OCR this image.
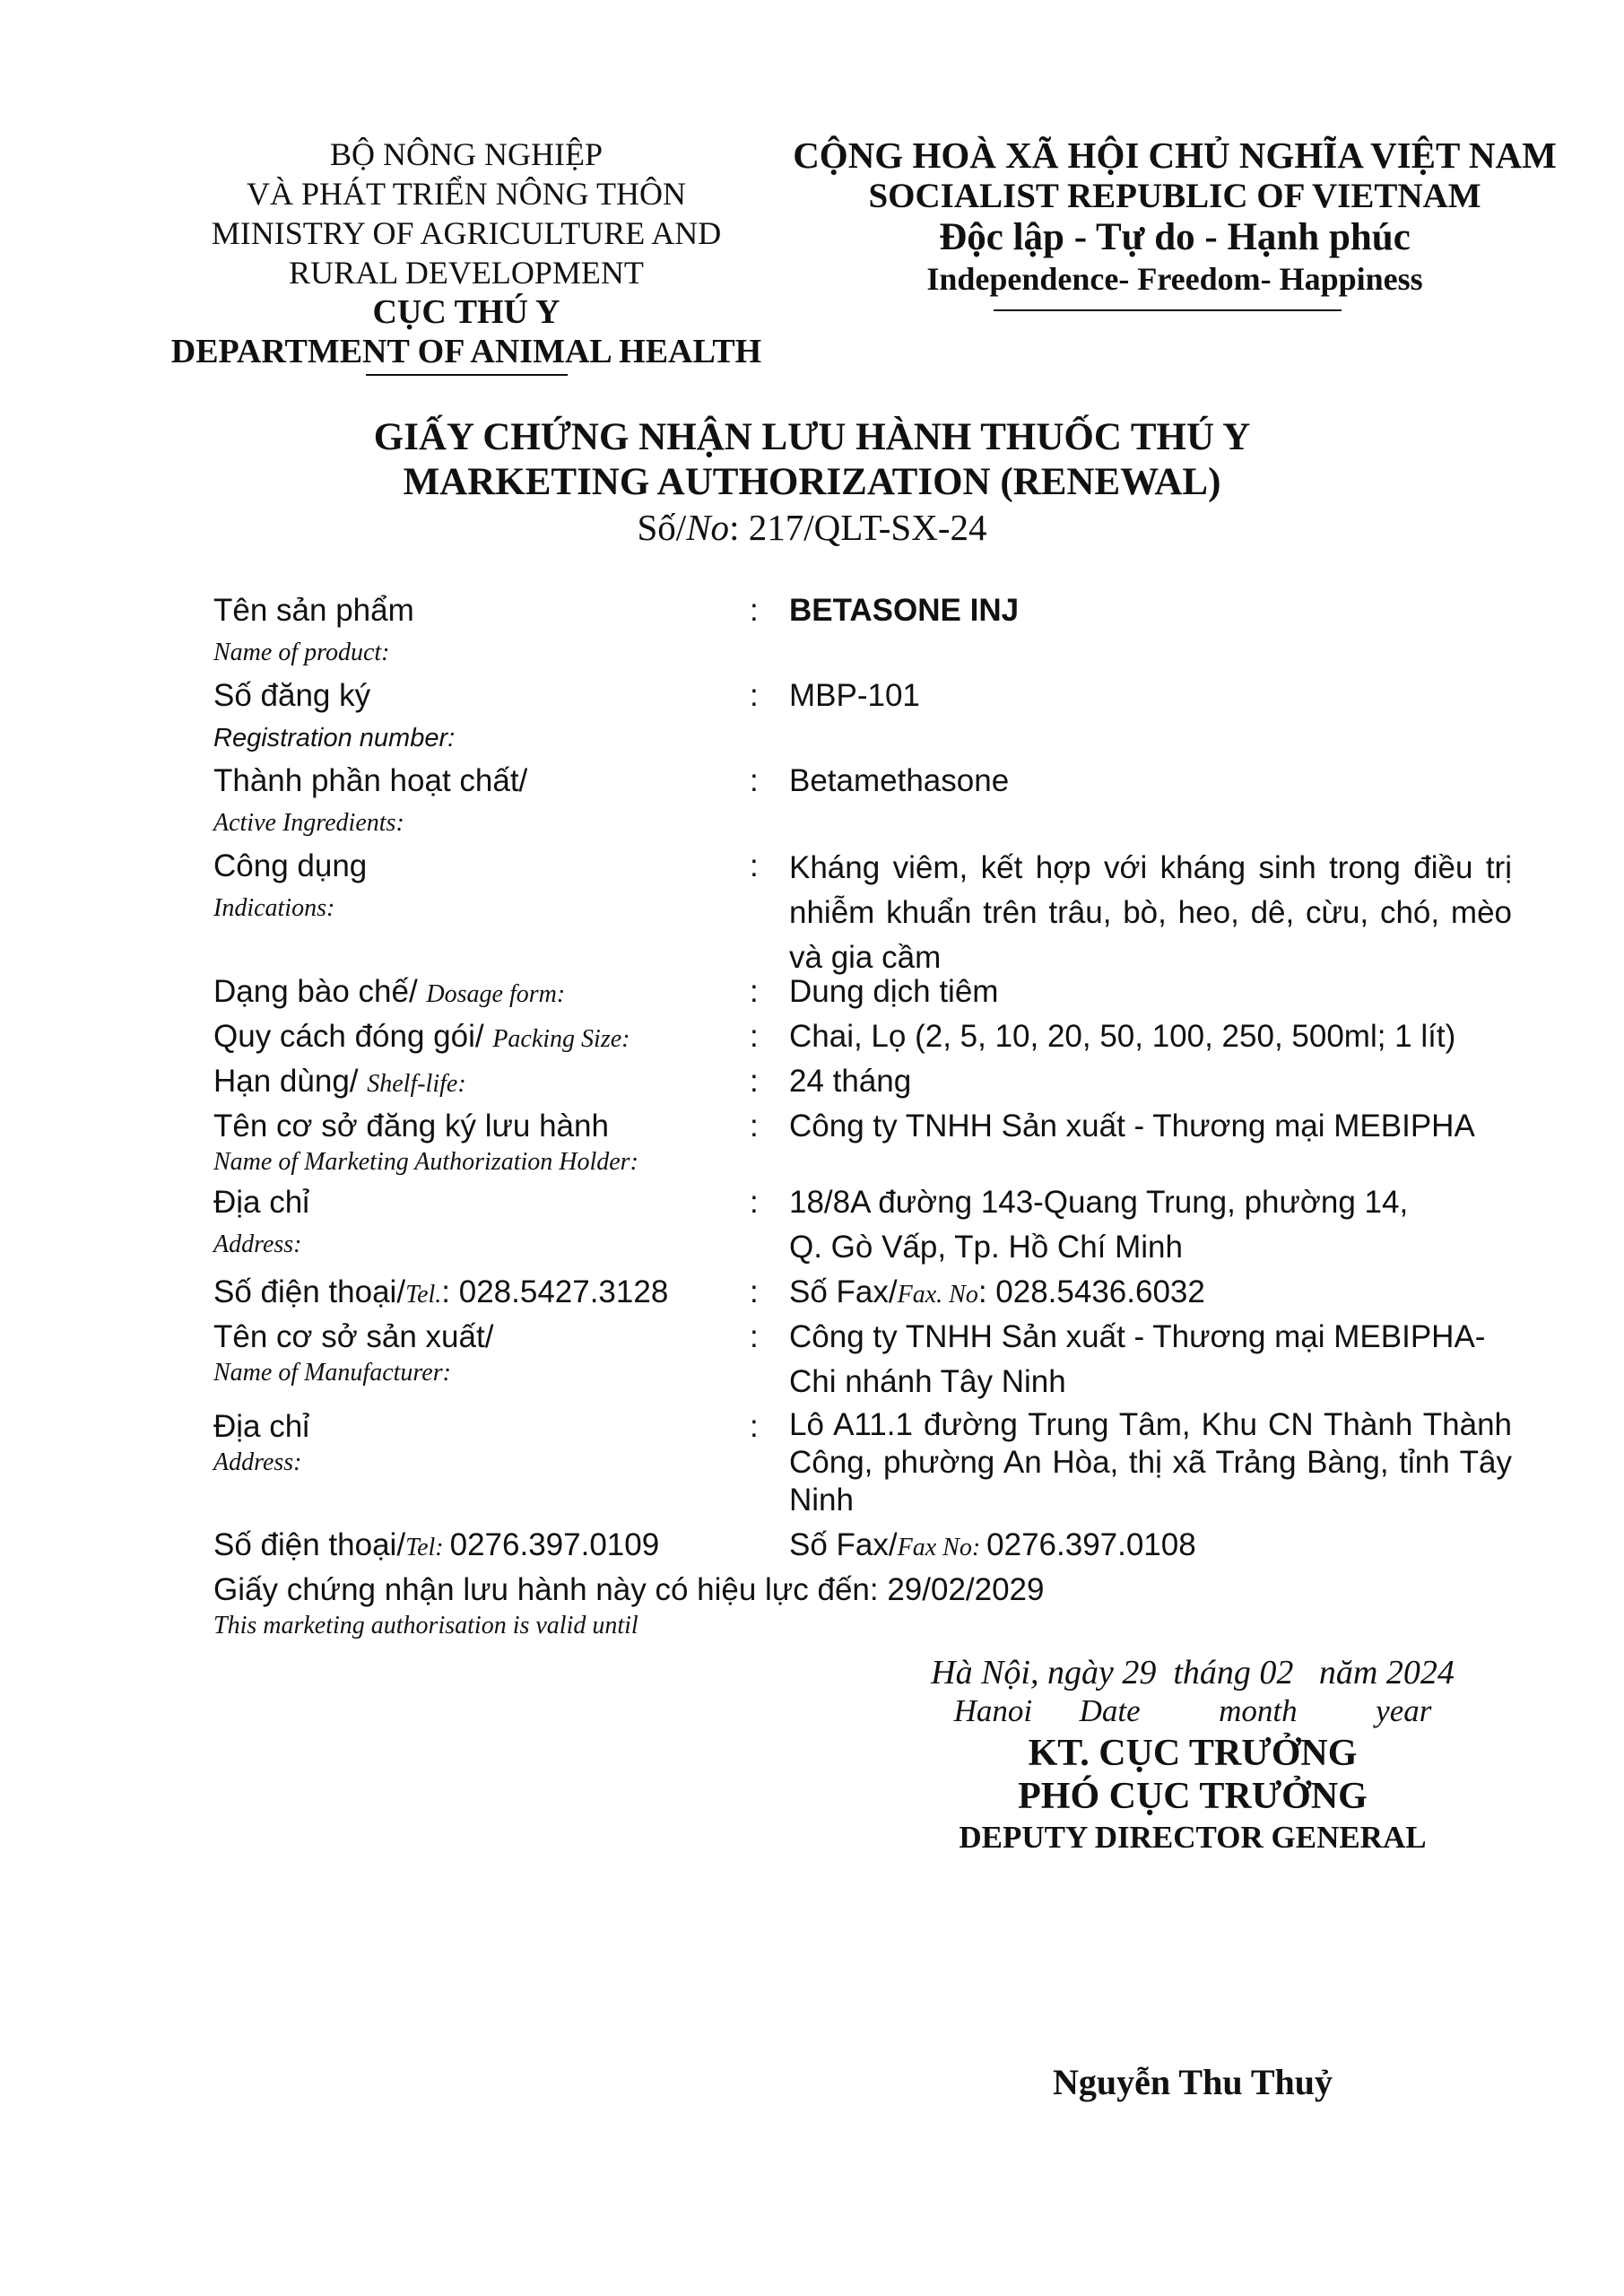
BỘ NÔNG NGHIỆP
VÀ PHÁT TRIỂN NÔNG THÔN
MINISTRY OF AGRICULTURE AND
RURAL DEVELOPMENT
CỤC THÚ Y
DEPARTMENT OF ANIMAL HEALTH
CỘNG HOÀ XÃ HỘI CHỦ NGHĨA VIỆT NAM
SOCIALIST REPUBLIC OF VIETNAM
Độc lập - Tự do - Hạnh phúc
Independence- Freedom- Happiness
GIẤY CHỨNG NHẬN LƯU HÀNH THUỐC THÚ Y
MARKETING AUTHORIZATION (RENEWAL)
Số/No: 217/QLT-SX-24
Tên sản phẩm
Name of product:
: BETASONE INJ
Số đăng ký
Registration number:
: MBP-101
Thành phần hoạt chất/
Active Ingredients:
: Betamethasone
Công dụng
Indications:
: Kháng viêm, kết hợp với kháng sinh trong điều trị nhiễm khuẩn trên trâu, bò, heo, dê, cừu, chó, mèo và gia cầm
Dạng bào chế/ Dosage form:	: Dung dịch tiêm
Quy cách đóng gói/ Packing Size:	: Chai, Lọ (2, 5, 10, 20, 50, 100, 250, 500ml; 1 lít)
Hạn dùng/ Shelf-life:	: 24 tháng
Tên cơ sở đăng ký lưu hành
Name of Marketing Authorization Holder:
: Công ty TNHH Sản xuất - Thương mại MEBIPHA
Địa chỉ
Address:
: 18/8A đường 143-Quang Trung, phường 14,
Q. Gò Vấp, Tp. Hồ Chí Minh
Số điện thoại/Tel.: 028.5427.3128	: Số Fax/Fax. No: 028.5436.6032
Tên cơ sở sản xuất/
Name of Manufacturer:
: Công ty TNHH Sản xuất - Thương mại MEBIPHA-
Chi nhánh Tây Ninh
Địa chỉ
Address:
: Lô A11.1 đường Trung Tâm, Khu CN Thành Thành Công, phường An Hòa, thị xã Trảng Bàng, tỉnh Tây Ninh
Số điện thoại/Tel: 0276.397.0109	Số Fax/Fax No: 0276.397.0108
Giấy chứng nhận lưu hành này có hiệu lực đến: 29/02/2029
This marketing authorisation is valid until
Hà Nội, ngày 29  tháng 02   năm 2024
Hanoi      Date          month          year
KT. CỤC TRƯỞNG
PHÓ CỤC TRƯỞNG
DEPUTY DIRECTOR GENERAL
Nguyễn Thu Thuỷ
